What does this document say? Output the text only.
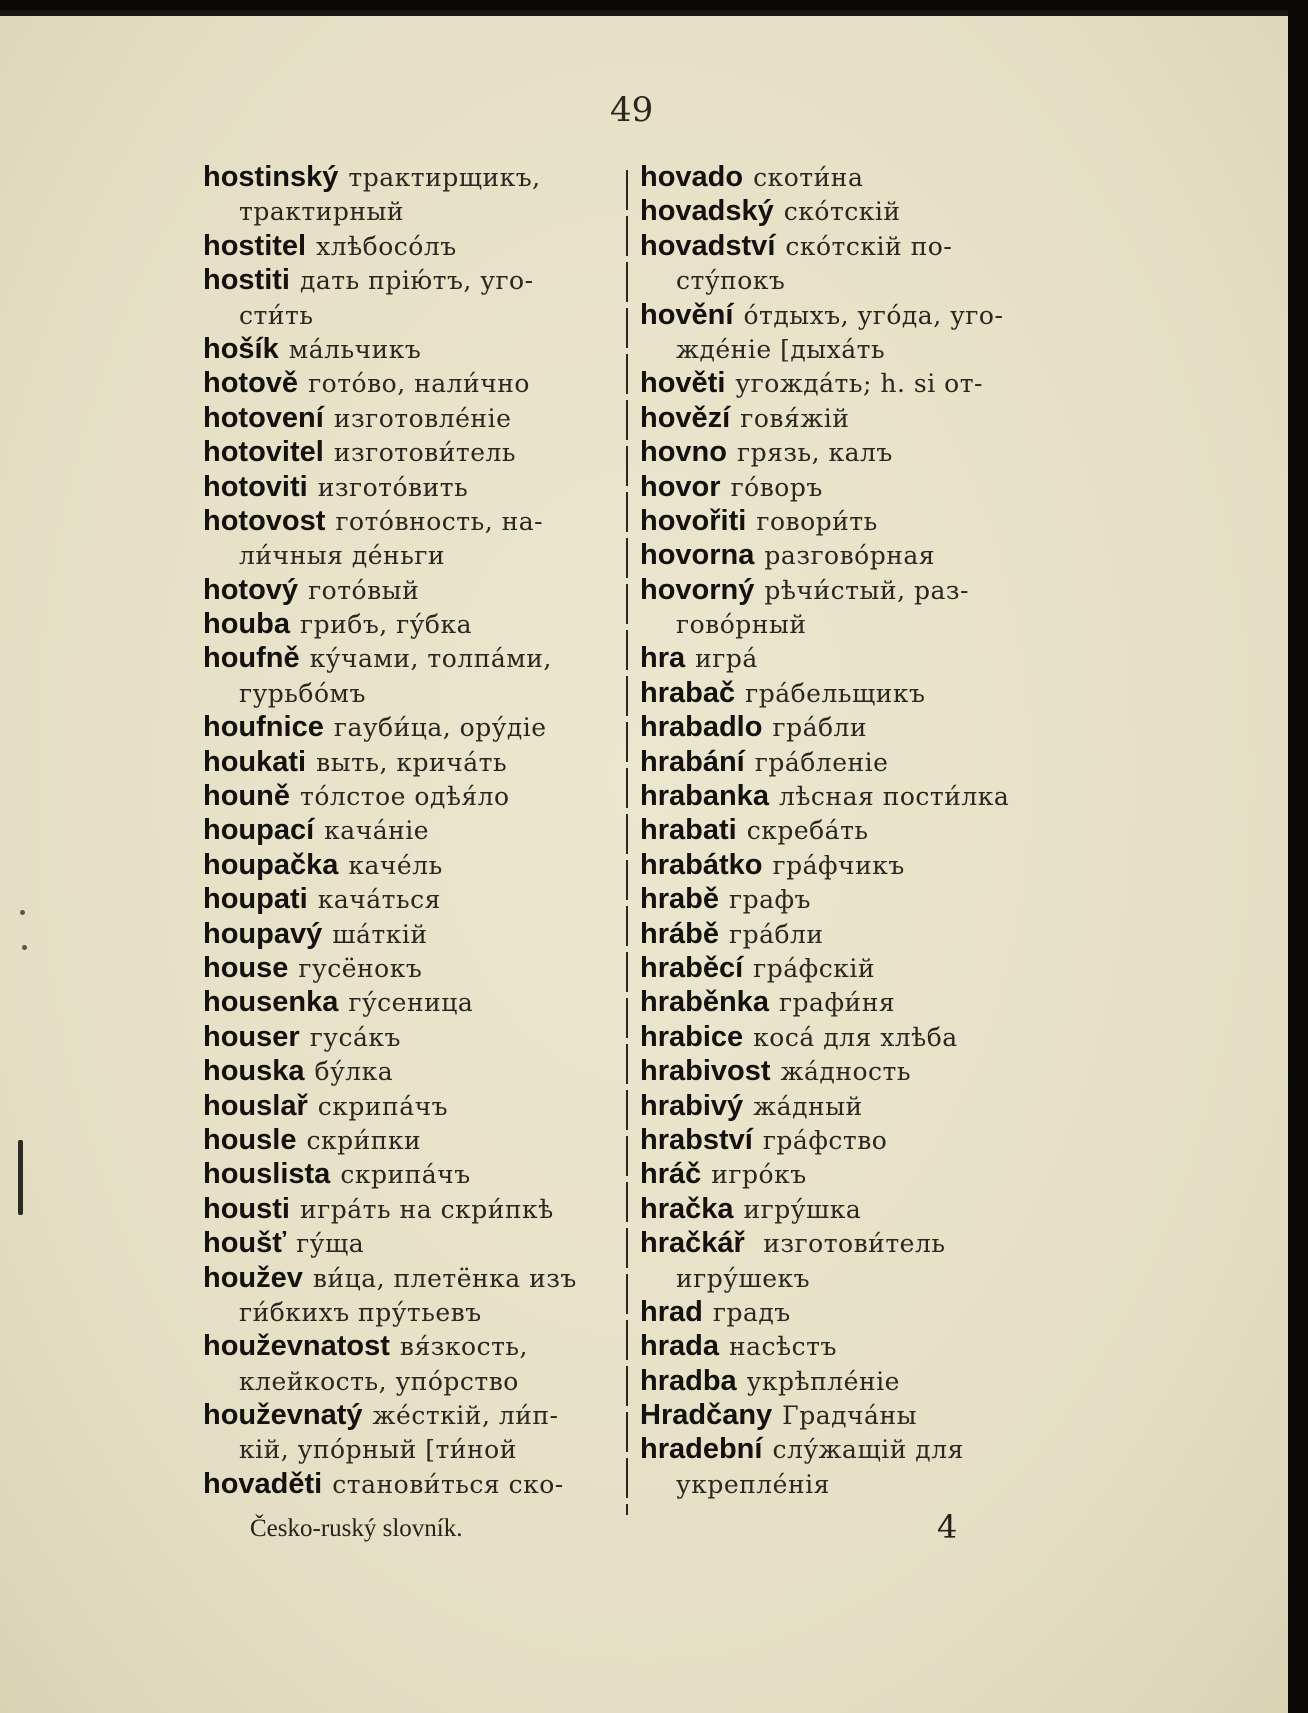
49
hostinský трактирщикъ,
трактирный
hostitel хлѣбосо́лъ
hostiti дать прію́тъ, уго-
сти́ть
hošík ма́льчикъ
hotově гото́во, нали́чно
hotovení изготовле́ніе
hotovitel изготови́тель
hotoviti изгото́вить
hotovost гото́вность, на-
ли́чныя де́ньги
hotový гото́вый
houba грибъ, гу́бка
houfně ку́чами, толпа́ми,
гурьбо́мъ
houfnice гауби́ца, ору́діе
houkati выть, крича́ть
houně то́лстое одѣя́ло
houpací кача́ніе
houpačka каче́ль
houpati кача́ться
houpavý ша́ткій
house гусёнокъ
housenka гу́сеница
houser гуса́къ
houska бу́лка
houslař скрипа́чъ
housle скри́пки
houslista скрипа́чъ
housti игра́ть на скри́пкѣ
houšť гу́ща
houžev ви́ца, плетёнка изъ
ги́бкихъ пру́тьевъ
houževnatost вя́зкость,
клейкость, упо́рство
houževnatý же́сткій, ли́п-
кій, упо́рный [ти́ной
hovaděti станови́ться ско-
hovado скоти́на
hovadský ско́тскій
hovadství ско́тскій по-
сту́покъ
hovění о́тдыхъ, уго́да, уго-
жде́ніе [дыха́ть
hověti угожда́ть; h. si от-
hovězí говя́жій
hovno грязь, калъ
hovor го́воръ
hovořiti говори́ть
hovorna разгово́рная
hovorný рѣчи́стый, раз-
гово́рный
hra игра́
hrabač гра́бельщикъ
hrabadlo гра́бли
hrabání гра́бленіе
hrabanka лѣсная пости́лка
hrabati скреба́ть
hrabátko гра́фчикъ
hrabě графъ
hrábě гра́бли
hraběcí гра́фскій
hraběnka графи́ня
hrabice коса́ для хлѣба
hrabivost жа́дность
hrabivý жа́дный
hrabství гра́фство
hráč игро́къ
hračka игру́шка
hračkář изготови́тель
игру́шекъ
hrad градъ
hrada насѣстъ
hradba укрѣпле́ніе
Hradčany Градча́ны
hradební слу́жащій для
укрепле́нія
Česko-ruský slovník.	4
